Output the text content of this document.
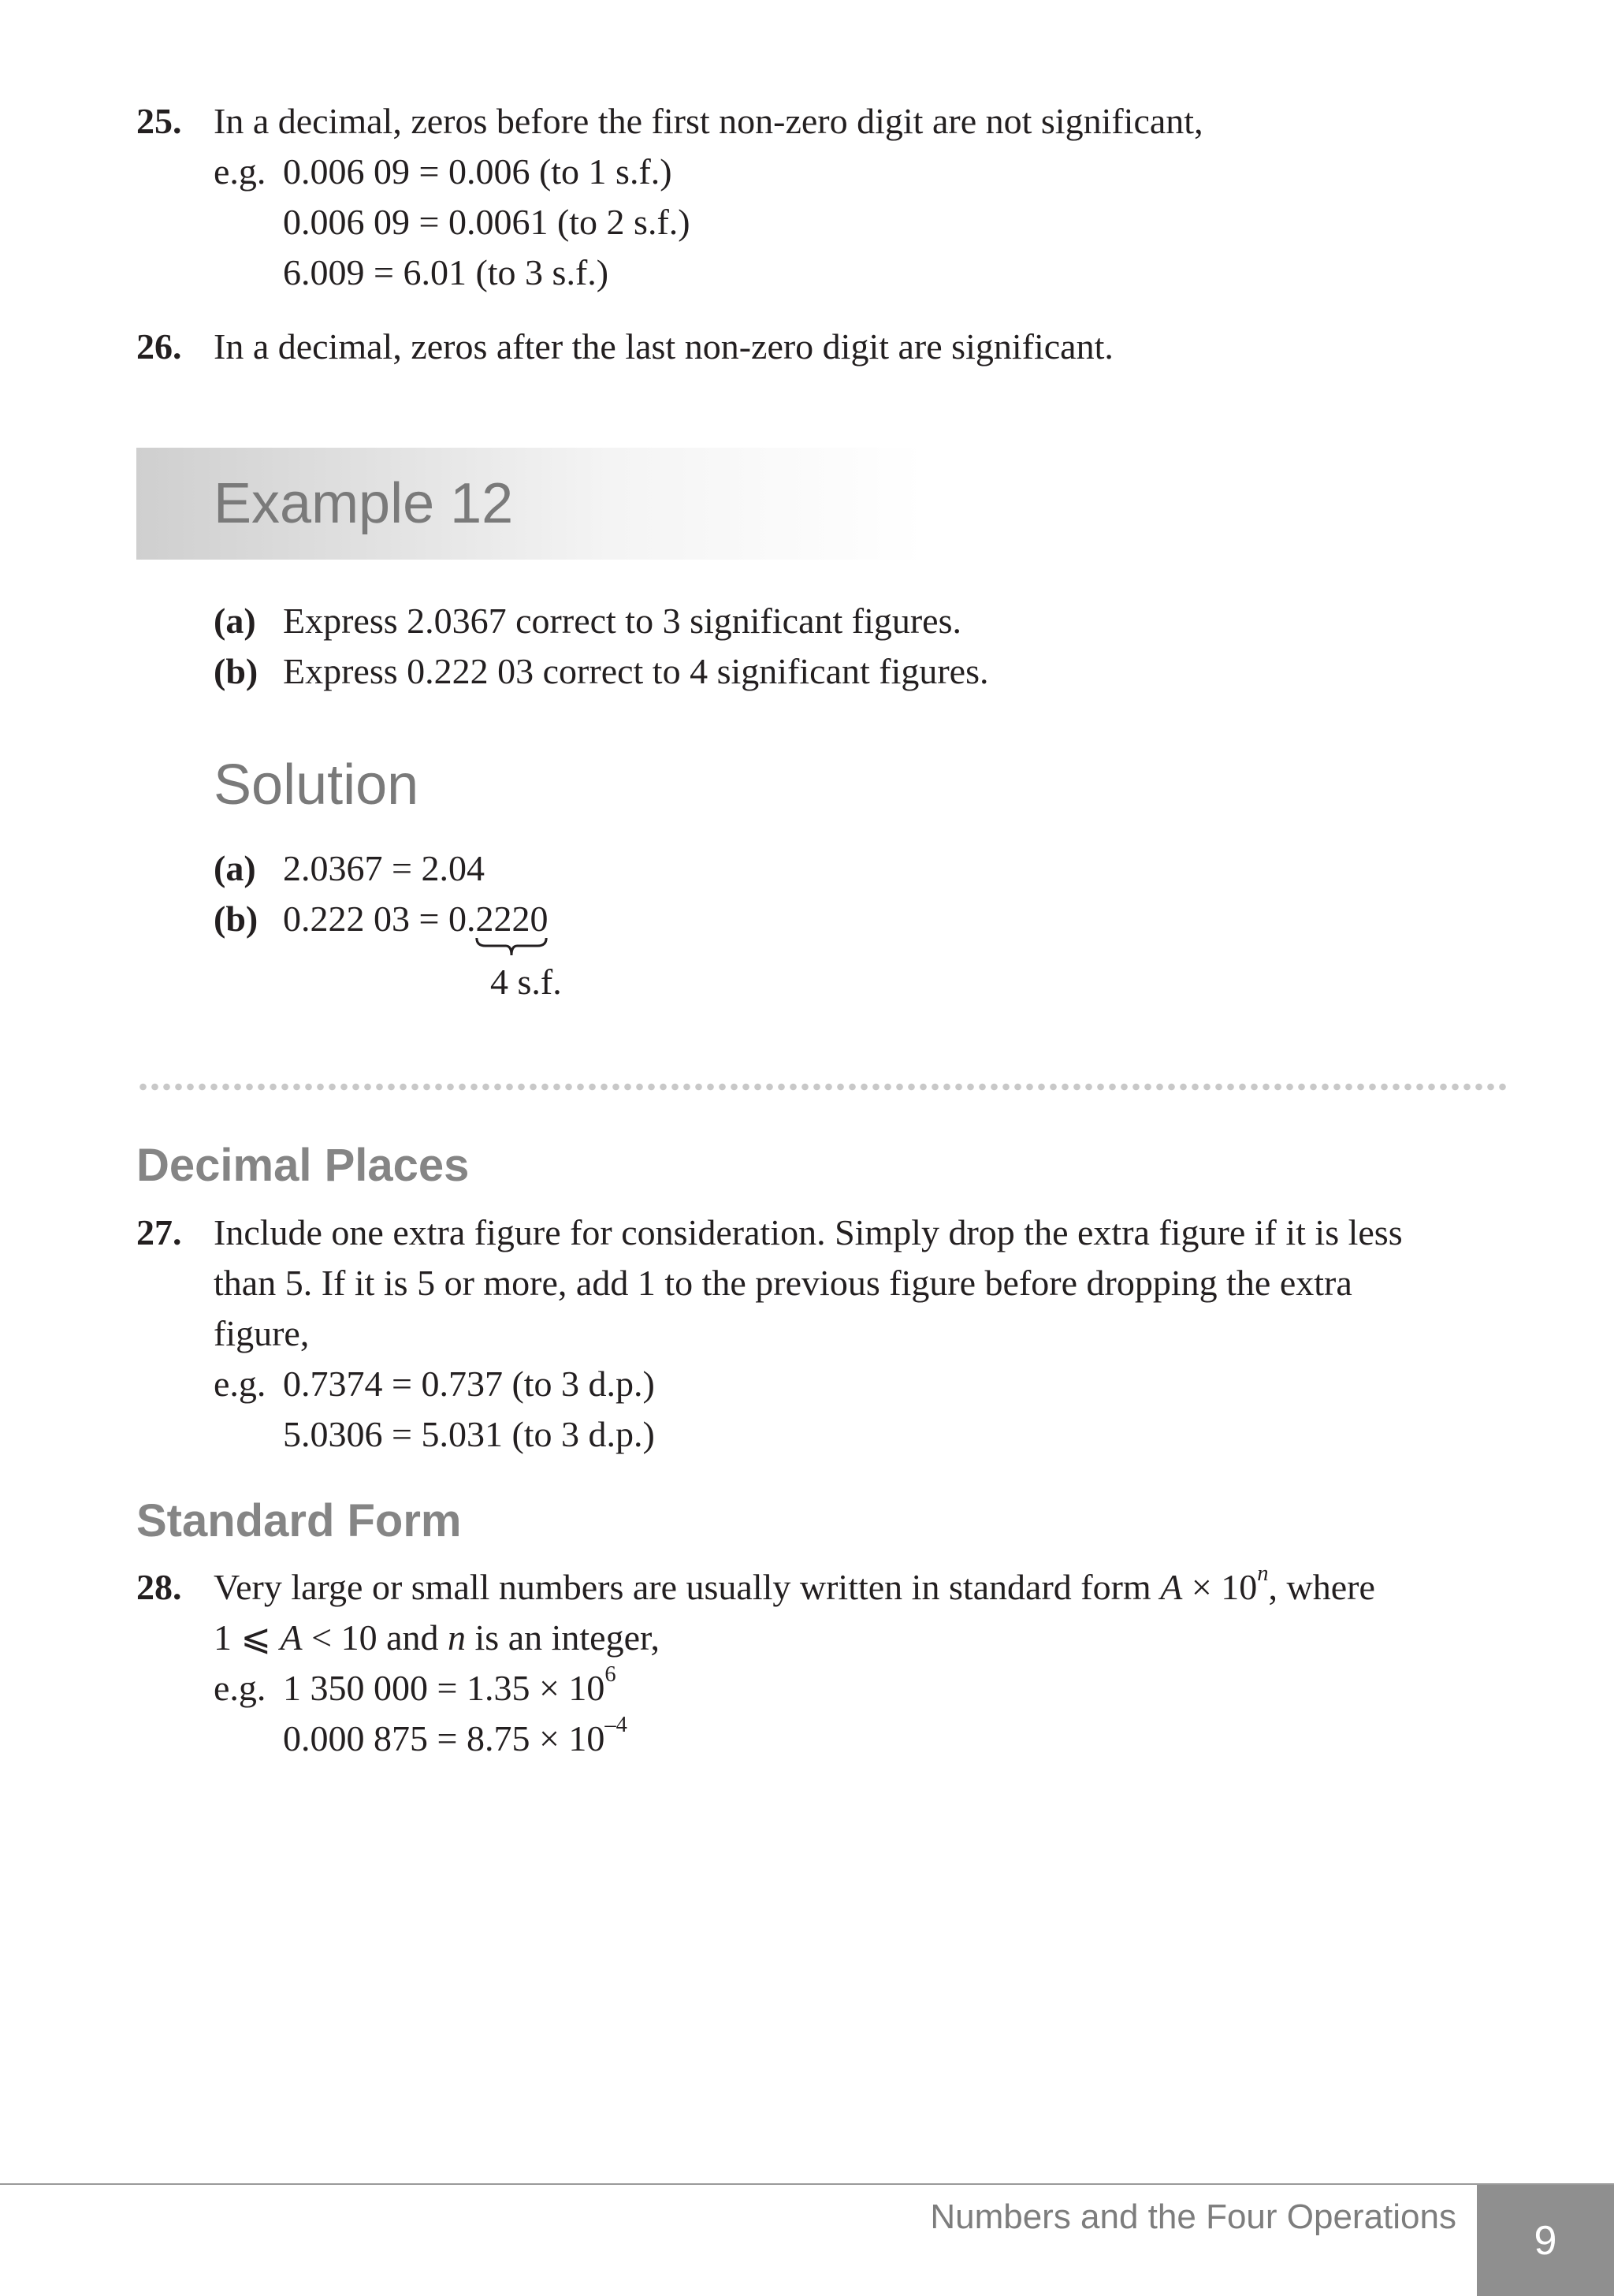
25. In a decimal, zeros before the first non-zero digit are not significant,
e.g. 0.006 09 = 0.006 (to 1 s.f.)
0.006 09 = 0.0061 (to 2 s.f.)
6.009 = 6.01 (to 3 s.f.)
26. In a decimal, zeros after the last non-zero digit are significant.
Example 12
(a) Express 2.0367 correct to 3 significant figures.
(b) Express 0.222 03 correct to 4 significant figures.
Solution
(a) 2.0367 = 2.04
(b) 0.222 03 = 0.2220
4 s.f.
Decimal Places
27. Include one extra figure for consideration. Simply drop the extra figure if it is less
than 5. If it is 5 or more, add 1 to the previous figure before dropping the extra
figure,
e.g. 0.7374 = 0.737 (to 3 d.p.)
5.0306 = 5.031 (to 3 d.p.)
Standard Form
28. Very large or small numbers are usually written in standard form $A \times 10^n$, where
1 ⩽ A < 10 and n is an integer,
e.g. 1 350 $000 = 1.35 \times 10^6$
0.000 $875 = 8.75 \times 10^{-4}$
Numbers and the Four Operations
9
